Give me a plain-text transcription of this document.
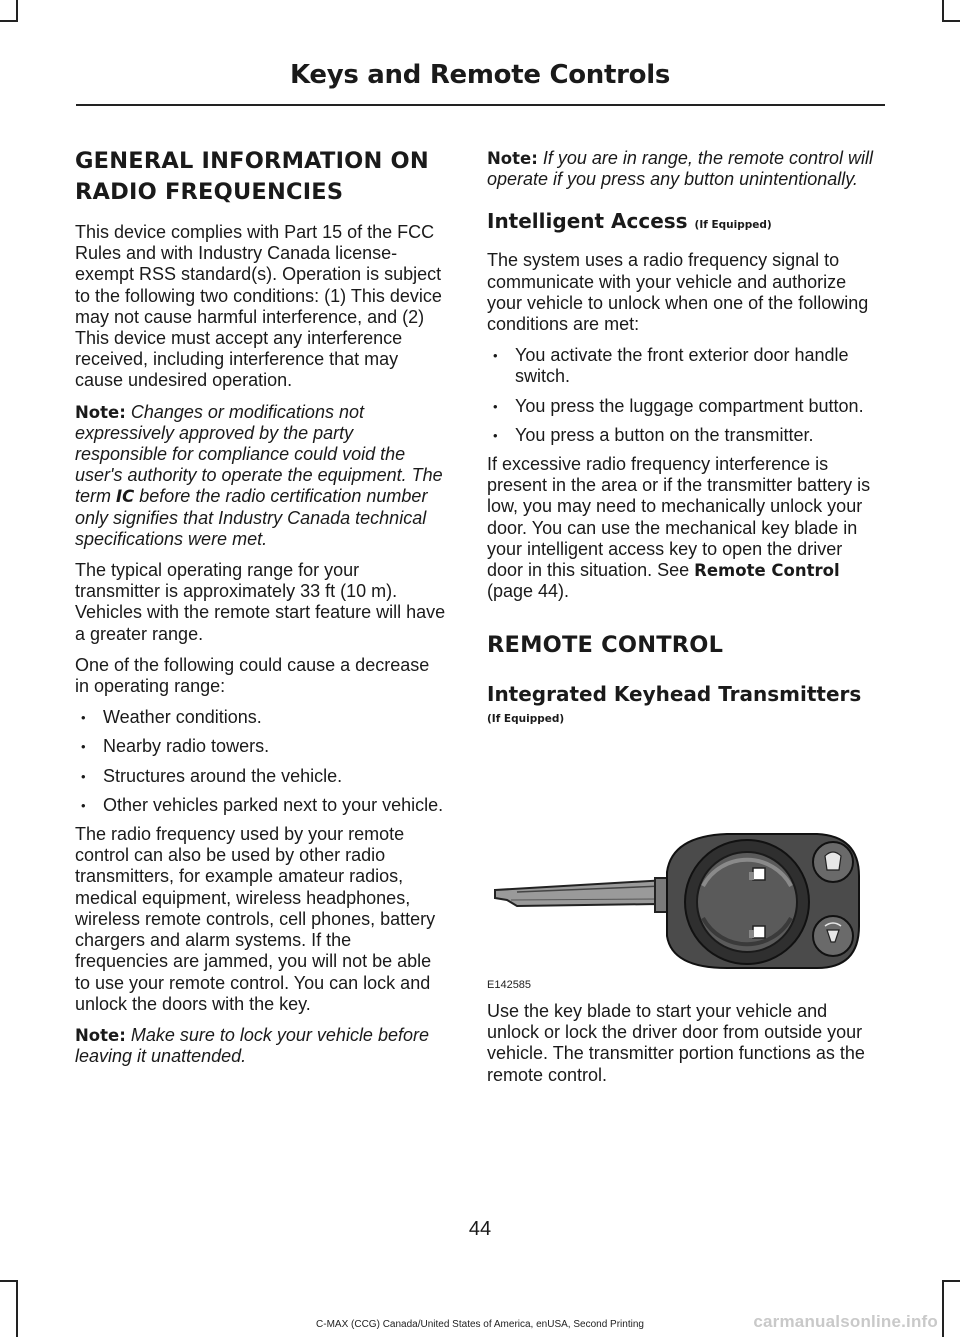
Keys and Remote Controls
GENERAL INFORMATION ON RADIO FREQUENCIES

This device complies with Part 15 of the FCC Rules and with Industry Canada license-exempt RSS standard(s). Operation is subject to the following two conditions: (1) This device may not cause harmful interference, and (2) This device must accept any interference received, including interference that may cause undesired operation.

Note: Changes or modifications not expressively approved by the party responsible for compliance could void the user's authority to operate the equipment. The term IC before the radio certification number only signifies that Industry Canada technical specifications were met.

The typical operating range for your transmitter is approximately 33 ft (10 m). Vehicles with the remote start feature will have a greater range.

One of the following could cause a decrease in operating range:

• Weather conditions.
• Nearby radio towers.
• Structures around the vehicle.
• Other vehicles parked next to your vehicle.

The radio frequency used by your remote control can also be used by other radio transmitters, for example amateur radios, medical equipment, wireless headphones, wireless remote controls, cell phones, battery chargers and alarm systems. If the frequencies are jammed, you will not be able to use your remote control. You can lock and unlock the doors with the key.

Note: Make sure to lock your vehicle before leaving it unattended.

Note: If you are in range, the remote control will operate if you press any button unintentionally.

Intelligent Access (If Equipped)

The system uses a radio frequency signal to communicate with your vehicle and authorize your vehicle to unlock when one of the following conditions are met:

• You activate the front exterior door handle switch.
• You press the luggage compartment button.
• You press a button on the transmitter.

If excessive radio frequency interference is present in the area or if the transmitter battery is low, you may need to mechanically unlock your door. You can use the mechanical key blade in your intelligent access key to open the driver door in this situation. See Remote Control (page 44).

REMOTE CONTROL
Integrated Keyhead Transmitters
(If Equipped)
E142585

Use the key blade to start your vehicle and unlock or lock the driver door from outside your vehicle. The transmitter portion functions as the remote control.

44
C-MAX (CCG) Canada/United States of America, enUSA, Second Printing	carmanualsonline.info
